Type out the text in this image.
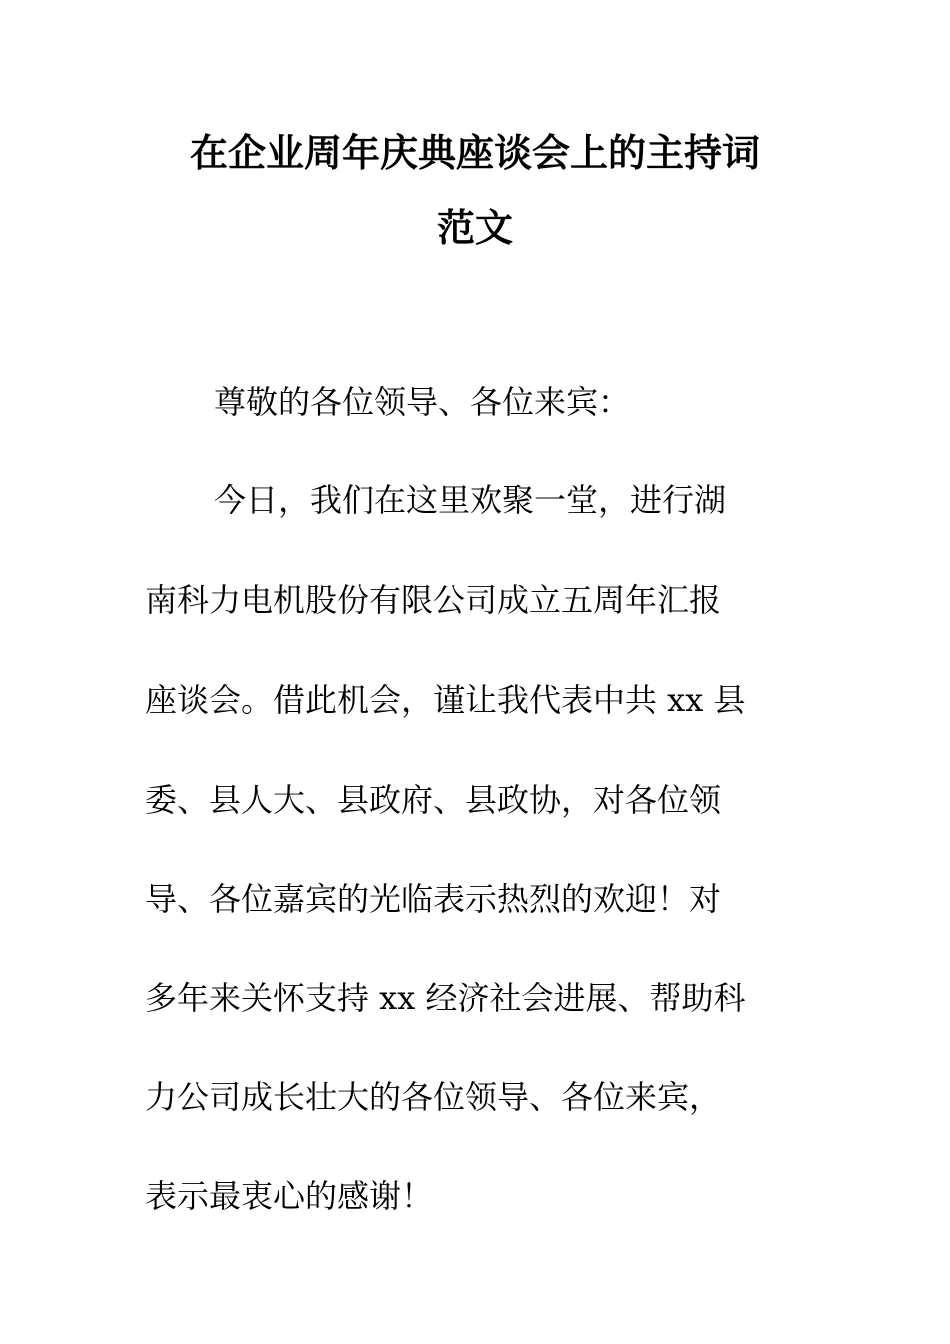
在企业周年庆典座谈会上的主持词
范文
尊敬的各位领导、各位来宾：
今日，我们在这里欢聚一堂，进行湖
南科力电机股份有限公司成立五周年汇报
座谈会。借此机会，谨让我代表中共 xx 县
委、县人大、县政府、县政协，对各位领
导、各位嘉宾的光临表示热烈的欢迎！对
多年来关怀支持 xx 经济社会进展、帮助科
力公司成长壮大的各位领导、各位来宾，
表示最衷心的感谢！
